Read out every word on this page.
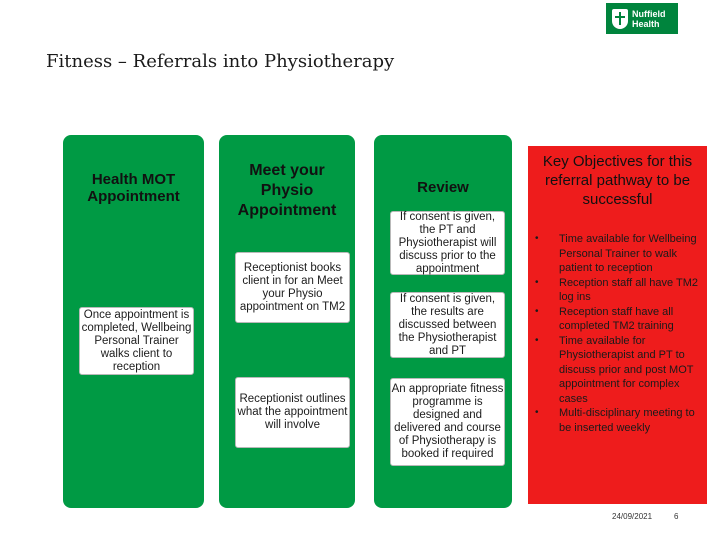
Nuffield
Health
Fitness – Referrals into Physiotherapy
Health MOT Appointment
Once appointment is completed, Wellbeing Personal Trainer walks client to reception
Meet your Physio Appointment
Receptionist books client in for an Meet your Physio appointment on TM2
Receptionist outlines what the appointment will involve
Review
If consent is given, the PT and Physiotherapist will discuss prior to the appointment
If consent is given, the results are discussed between the Physiotherapist and PT
An appropriate fitness programme is designed and delivered and course of Physiotherapy is booked if required
Key Objectives for this referral pathway to be successful
• Time available for Wellbeing Personal Trainer to walk patient to reception
• Reception staff all have TM2 log ins
• Reception staff have all completed TM2 training
• Time available for Physiotherapist and PT to discuss prior and post MOT appointment for complex cases
• Multi-disciplinary meeting to be inserted weekly
24/09/2021	6
